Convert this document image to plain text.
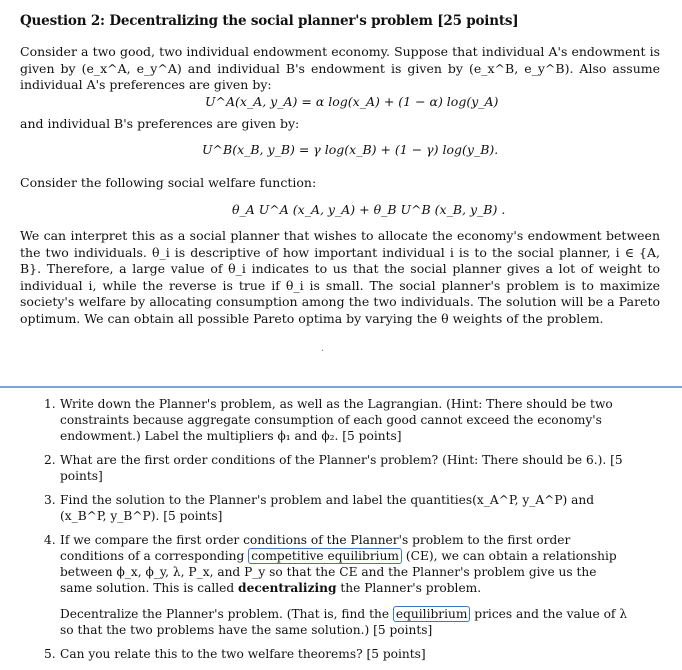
Question 2: Decentralizing the social planner's problem [25 points]
Consider a two good, two individual endowment economy. Suppose that individual A's endowment is given by (e_x^A, e_y^A) and individual B's endowment is given by (e_x^B, e_y^B). Also assume individual A's preferences are given by:
U^A(x_A, y_A) = α log(x_A) + (1 − α) log(y_A)
and individual B's preferences are given by:
U^B(x_B, y_B) = γ log(x_B) + (1 − γ) log(y_B).
Consider the following social welfare function:
θ_A U^A (x_A, y_A) + θ_B U^B (x_B, y_B) .
We can interpret this as a social planner that wishes to allocate the economy's endowment between the two individuals. θ_i is descriptive of how important individual i is to the social planner, i ∈ {A, B}. Therefore, a large value of θ_i indicates to us that the social planner gives a lot of weight to individual i, while the reverse is true if θ_i is small. The social planner's problem is to maximize society's welfare by allocating consumption among the two individuals. The solution will be a Pareto optimum. We can obtain all possible Pareto optima by varying the θ weights of the problem.
·
1. Write down the Planner's problem, as well as the Lagrangian. (Hint: There should be two constraints because aggregate consumption of each good cannot exceed the economy's endowment.) Label the multipliers ϕ₁ and ϕ₂. [5 points]
2. What are the first order conditions of the Planner's problem? (Hint: There should be 6.). [5 points]
3. Find the solution to the Planner's problem and label the quantities(x_A^P, y_A^P) and (x_B^P, y_B^P). [5 points]
4. If we compare the first order conditions of the Planner's problem to the first order conditions of a corresponding competitive equilibrium (CE), we can obtain a relationship between ϕ_x, ϕ_y, λ, P_x, and P_y so that the CE and the Planner's problem give us the same solution. This is called decentralizing the Planner's problem.
Decentralize the Planner's problem. (That is, find the equilibrium prices and the value of λ so that the two problems have the same solution.) [5 points]
5. Can you relate this to the two welfare theorems? [5 points]
